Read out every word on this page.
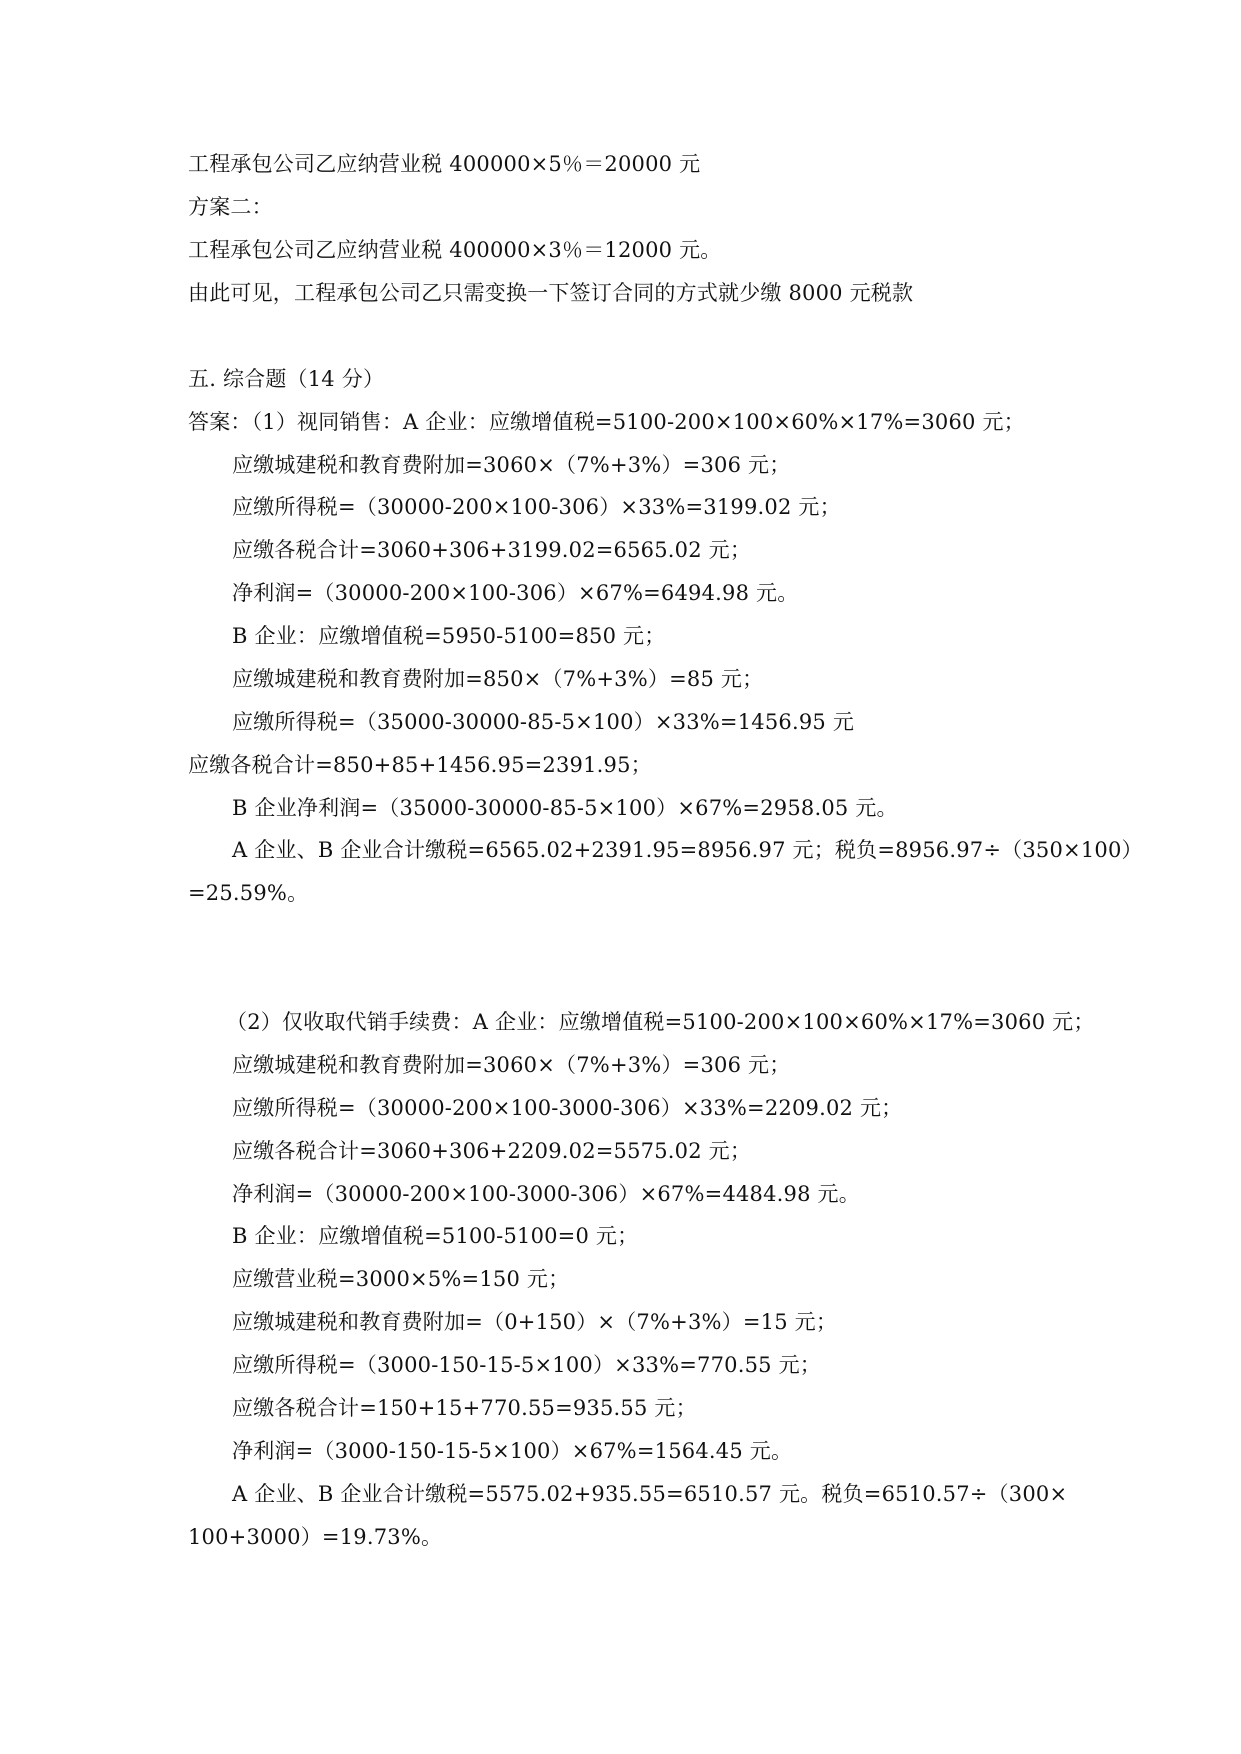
工程承包公司乙应纳营业税 400000×5％＝20000 元
方案二：
工程承包公司乙应纳营业税 400000×3％＝12000 元。
由此可见，工程承包公司乙只需变换一下签订合同的方式就少缴 8000 元税款
五. 综合题（14 分）
答案：（1）视同销售：A 企业：应缴增值税=5100-200×100×60%×17%=3060 元；
应缴城建税和教育费附加=3060×（7%+3%）=306 元；
应缴所得税=（30000-200×100-306）×33%=3199.02 元；
应缴各税合计=3060+306+3199.02=6565.02 元；
净利润=（30000-200×100-306）×67%=6494.98 元。
B 企业：应缴增值税=5950-5100=850 元；
应缴城建税和教育费附加=850×（7%+3%）=85 元；
应缴所得税=（35000-30000-85-5×100）×33%=1456.95 元
应缴各税合计=850+85+1456.95=2391.95；
B 企业净利润=（35000-30000-85-5×100）×67%=2958.05 元。
A 企业、B 企业合计缴税=6565.02+2391.95=8956.97 元；税负=8956.97÷（350×100）
=25.59%。
（2）仅收取代销手续费：A 企业：应缴增值税=5100-200×100×60%×17%=3060 元；
应缴城建税和教育费附加=3060×（7%+3%）=306 元；
应缴所得税=（30000-200×100-3000-306）×33%=2209.02 元；
应缴各税合计=3060+306+2209.02=5575.02 元；
净利润=（30000-200×100-3000-306）×67%=4484.98 元。
B 企业：应缴增值税=5100-5100=0 元；
应缴营业税=3000×5%=150 元；
应缴城建税和教育费附加=（0+150）×（7%+3%）=15 元；
应缴所得税=（3000-150-15-5×100）×33%=770.55 元；
应缴各税合计=150+15+770.55=935.55 元；
净利润=（3000-150-15-5×100）×67%=1564.45 元。
A 企业、B 企业合计缴税=5575.02+935.55=6510.57 元。税负=6510.57÷（300×
100+3000）=19.73%。
